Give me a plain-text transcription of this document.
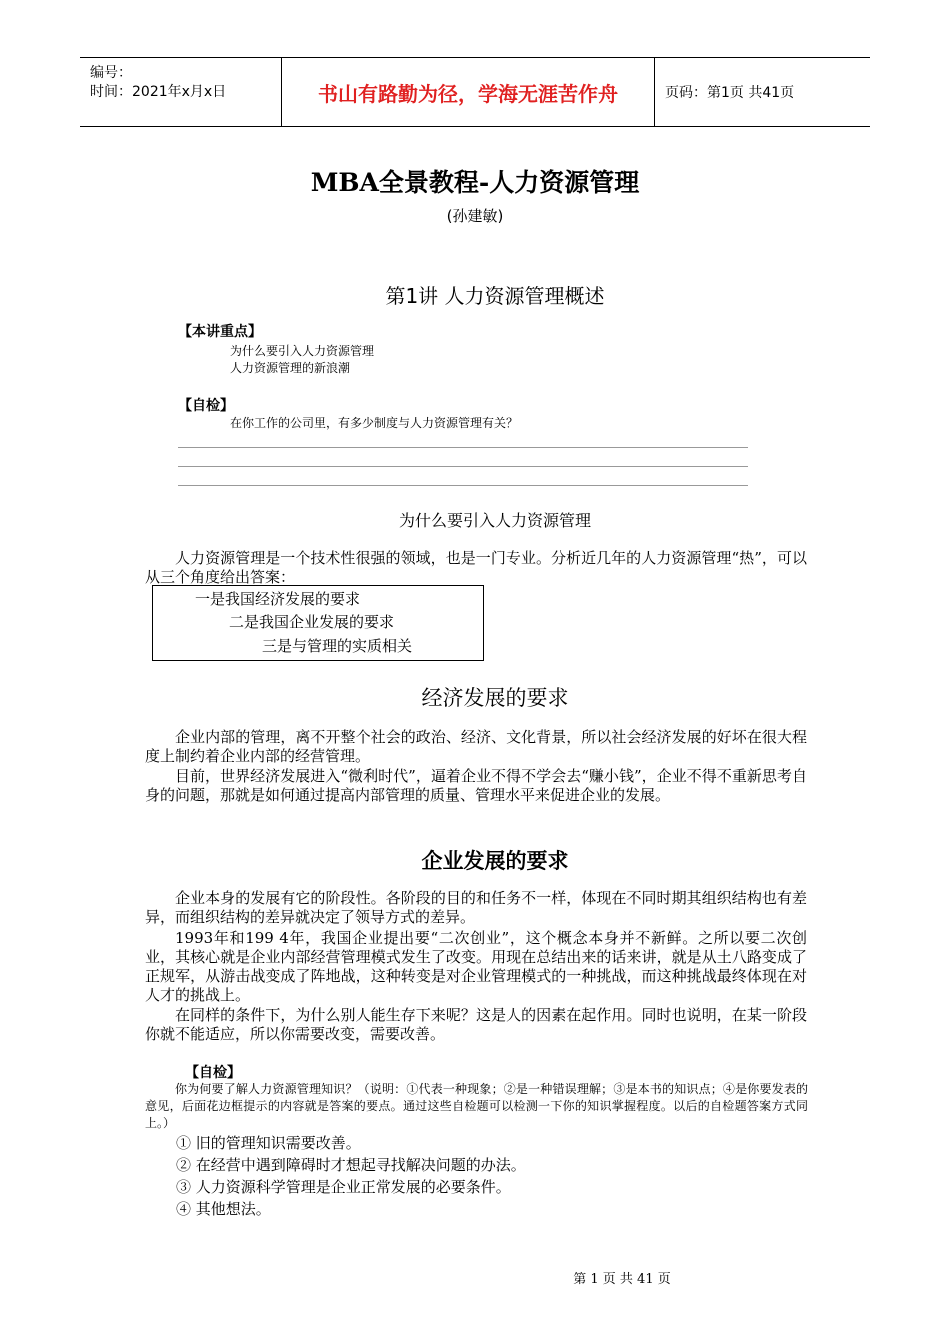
编号：
时间：2021年x月x日	书山有路勤为径，学海无涯苦作舟	页码：第1页 共41页
MBA全景教程-人力资源管理
(孙建敏)
第1讲 人力资源管理概述
【本讲重点】
为什么要引入人力资源管理
人力资源管理的新浪潮
【自检】
在你工作的公司里，有多少制度与人力资源管理有关？
为什么要引入人力资源管理
人力资源管理是一个技术性很强的领域，也是一门专业。分析近几年的人力资源管理“热”，可以从三个角度给出答案：
一是我国经济发展的要求
二是我国企业发展的要求
三是与管理的实质相关
经济发展的要求
企业内部的管理，离不开整个社会的政治、经济、文化背景，所以社会经济发展的好坏在很大程度上制约着企业内部的经营管理。
目前，世界经济发展进入“微利时代”，逼着企业不得不学会去“赚小钱”，企业不得不重新思考自身的问题，那就是如何通过提高内部管理的质量、管理水平来促进企业的发展。
企业发展的要求
企业本身的发展有它的阶段性。各阶段的目的和任务不一样，体现在不同时期其组织结构也有差异，而组织结构的差异就决定了领导方式的差异。
1993年和199 4年，我国企业提出要“二次创业”，这个概念本身并不新鲜。之所以要二次创业，其核心就是企业内部经营管理模式发生了改变。用现在总结出来的话来讲，就是从土八路变成了正规军，从游击战变成了阵地战，这种转变是对企业管理模式的一种挑战，而这种挑战最终体现在对人才的挑战上。
在同样的条件下，为什么别人能生存下来呢？这是人的因素在起作用。同时也说明，在某一阶段你就不能适应，所以你需要改变，需要改善。
【自检】
你为何要了解人力资源管理知识？（说明：①代表一种现象；②是一种错误理解；③是本书的知识点；④是你要发表的意见，后面花边框提示的内容就是答案的要点。通过这些自检题可以检测一下你的知识掌握程度。以后的自检题答案方式同上。）
① 旧的管理知识需要改善。
② 在经营中遇到障碍时才想起寻找解决问题的办法。
③ 人力资源科学管理是企业正常发展的必要条件。
④ 其他想法。
第 1 页 共 41 页
